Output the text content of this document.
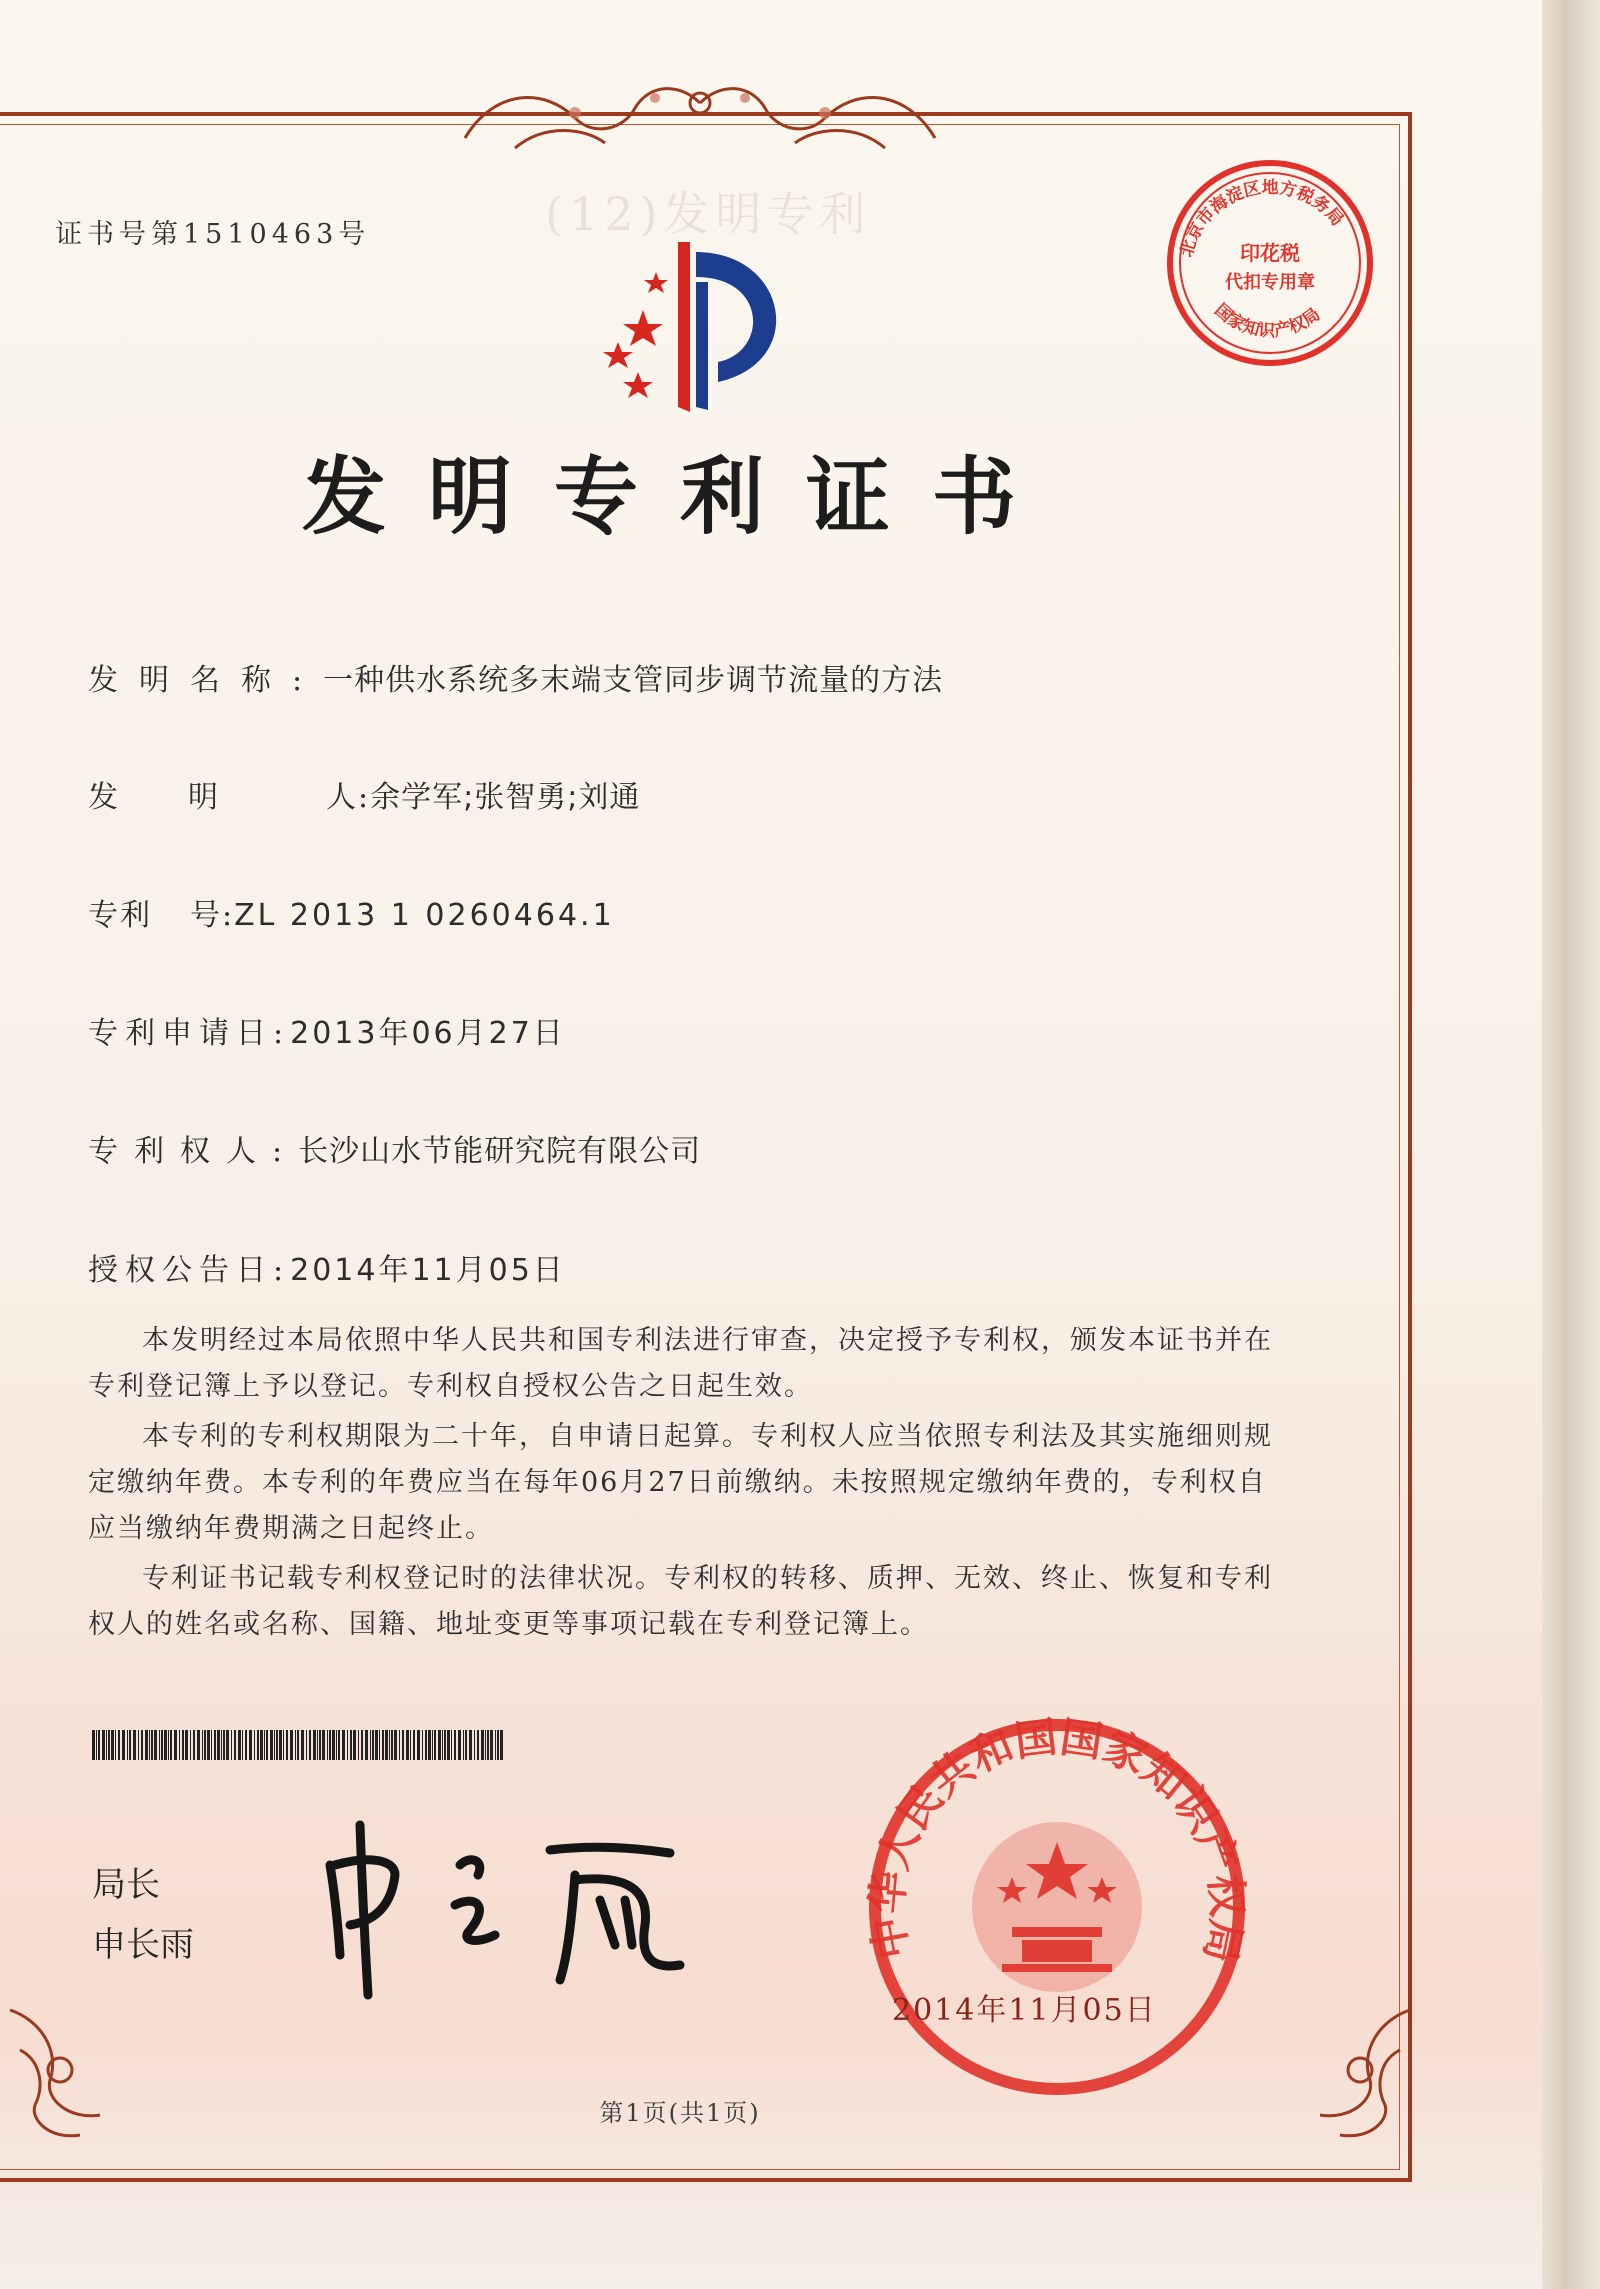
证书号第1510463号	(12)发明专利
发明专利证书
北京市海淀区地方税务局
国家知识产权局
印花税
代扣专用章
发明名称:一种供水系统多末端支管同步调节流量的方法
发 明	人:余学军;张智勇;刘通
专利 号:ZL 2013 1 0260464.1
专利申请日:2013年06月27日
专利权人:长沙山水节能研究院有限公司
授权公告日:2014年11月05日

本发明经过本局依照中华人民共和国专利法进行审查，决定授予专利权，颁发本证书并在专利登记簿上予以登记。专利权自授权公告之日起生效。

本专利的专利权期限为二十年，自申请日起算。专利权人应当依照专利法及其实施细则规定缴纳年费。本专利的年费应当在每年06月27日前缴纳。未按照规定缴纳年费的，专利权自应当缴纳年费期满之日起终止。

专利证书记载专利权登记时的法律状况。专利权的转移、质押、无效、终止、恢复和专利权人的姓名或名称、国籍、地址变更等事项记载在专利登记簿上。

局长
申长雨	中华人民共和国国家知识产权局
2014年11月05日
第1页(共1页)
